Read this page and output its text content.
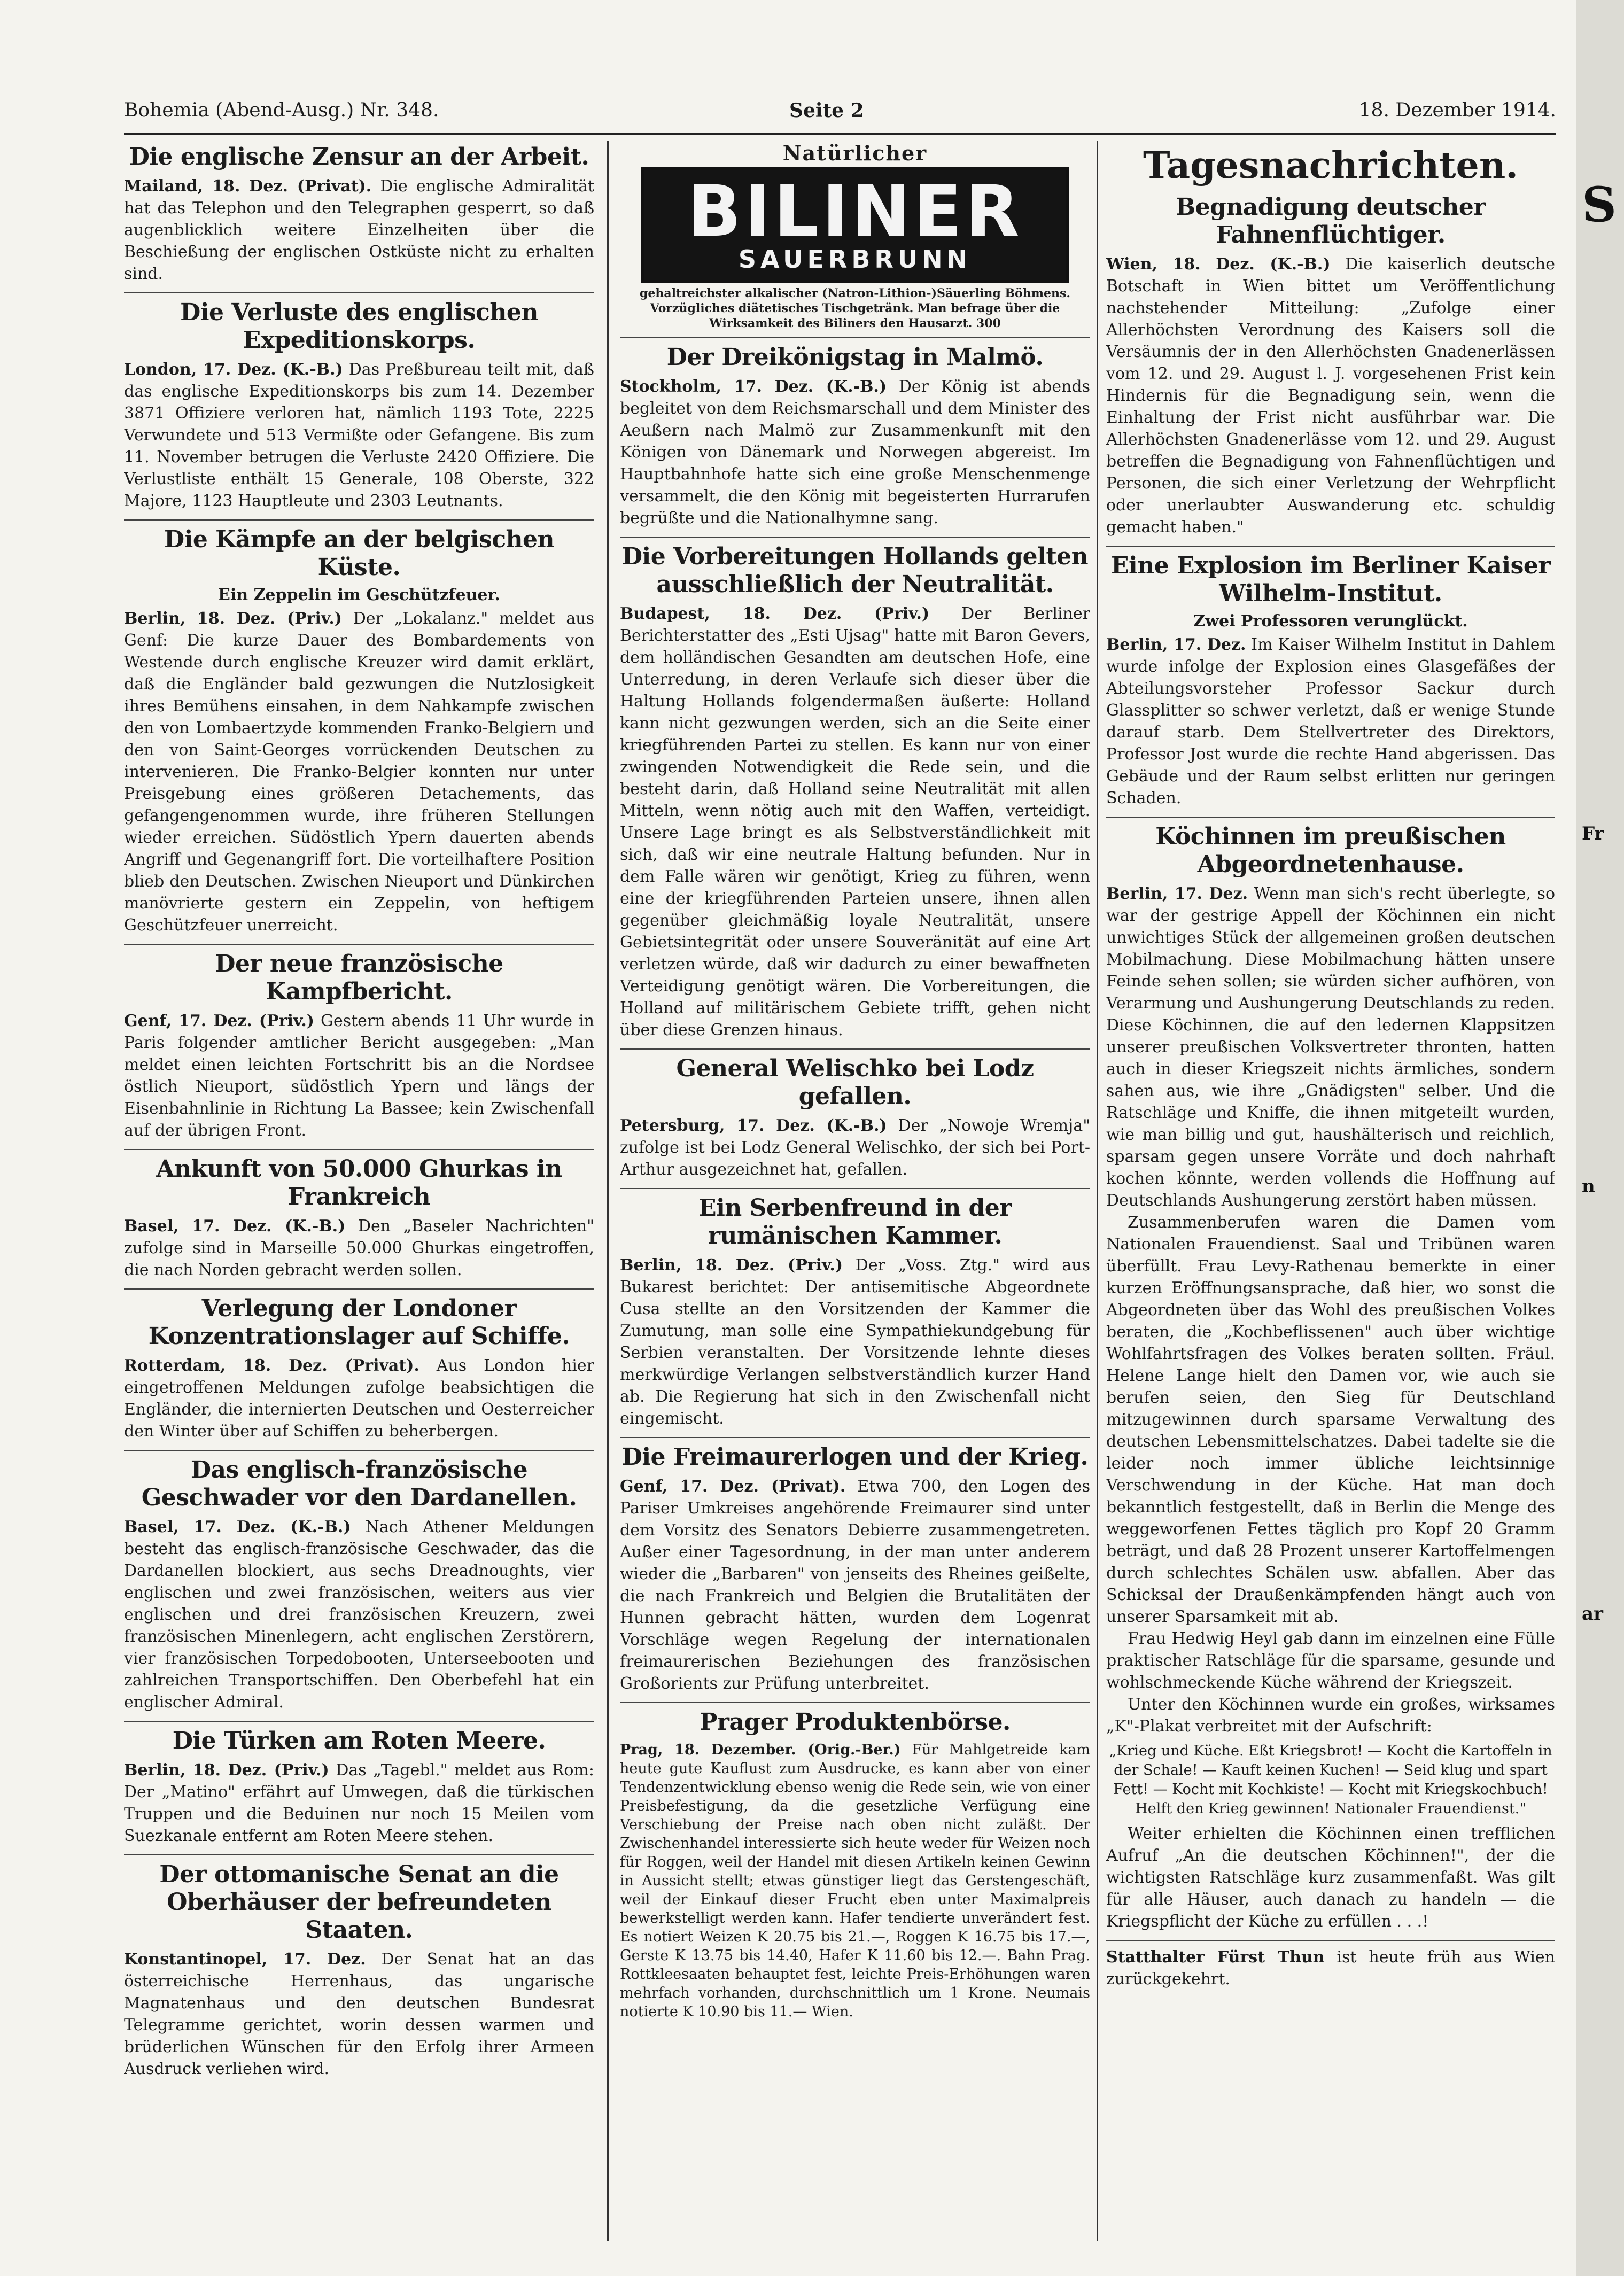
Bohemia (Abend-Ausg.) Nr. 348.	Seite 2	18. Dezember 1914.
Die englische Zensur an der Arbeit.

Mailand, 18. Dez. (Privat). Die englische Admiralität hat das Telephon und den Telegraphen gesperrt, so daß augenblicklich weitere Einzelheiten über die Beschießung der englischen Ostküste nicht zu erhalten sind.

Die Verluste des englischen Expeditionskorps.

London, 17. Dez. (K.-B.) Das Preßbureau teilt mit, daß das englische Expeditionskorps bis zum 14. Dezember 3871 Offiziere verloren hat, nämlich 1193 Tote, 2225 Verwundete und 513 Vermißte oder Gefangene. Bis zum 11. November betrugen die Verluste 2420 Offiziere. Die Verlustliste enthält 15 Generale, 108 Oberste, 322 Majore, 1123 Hauptleute und 2303 Leutnants.

Die Kämpfe an der belgischen Küste.
Ein Zeppelin im Geschützfeuer.

Berlin, 18. Dez. (Priv.) Der „Lokalanz." meldet aus Genf: Die kurze Dauer des Bombardements von Westende durch englische Kreuzer wird damit erklärt, daß die Engländer bald gezwungen die Nutzlosigkeit ihres Bemühens einsahen, in dem Nahkampfe zwischen den von Lombaertzyde kommenden Franko-Belgiern und den von Saint-Georges vorrückenden Deutschen zu intervenieren. Die Franko-Belgier konnten nur unter Preisgebung eines größeren Detachements, das gefangengenommen wurde, ihre früheren Stellungen wieder erreichen. Südöstlich Ypern dauerten abends Angriff und Gegenangriff fort. Die vorteilhaftere Position blieb den Deutschen. Zwischen Nieuport und Dünkirchen manövrierte gestern ein Zeppelin, von heftigem Geschützfeuer unerreicht.

Der neue französische Kampfbericht.

Genf, 17. Dez. (Priv.) Gestern abends 11 Uhr wurde in Paris folgender amtlicher Bericht ausgegeben: „Man meldet einen leichten Fortschritt bis an die Nordsee östlich Nieuport, südöstlich Ypern und längs der Eisenbahnlinie in Richtung La Bassee; kein Zwischenfall auf der übrigen Front.

Ankunft von 50.000 Ghurkas in Frankreich

Basel, 17. Dez. (K.-B.) Den „Baseler Nachrichten" zufolge sind in Marseille 50.000 Ghurkas eingetroffen, die nach Norden gebracht werden sollen.

Verlegung der Londoner Konzentrationslager auf Schiffe.

Rotterdam, 18. Dez. (Privat). Aus London hier eingetroffenen Meldungen zufolge beabsichtigen die Engländer, die internierten Deutschen und Oesterreicher den Winter über auf Schiffen zu beherbergen.

Das englisch-französische Geschwader vor den Dardanellen.

Basel, 17. Dez. (K.-B.) Nach Athener Meldungen besteht das englisch-französische Geschwader, das die Dardanellen blockiert, aus sechs Dreadnoughts, vier englischen und zwei französischen, weiters aus vier englischen und drei französischen Kreuzern, zwei französischen Minenlegern, acht englischen Zerstörern, vier französischen Torpedobooten, Unterseebooten und zahlreichen Transportschiffen. Den Oberbefehl hat ein englischer Admiral.

Die Türken am Roten Meere.

Berlin, 18. Dez. (Priv.) Das „Tagebl." meldet aus Rom: Der „Matino" erfährt auf Umwegen, daß die türkischen Truppen und die Beduinen nur noch 15 Meilen vom Suezkanale entfernt am Roten Meere stehen.

Der ottomanische Senat an die Oberhäuser der befreundeten Staaten.

Konstantinopel, 17. Dez. Der Senat hat an das österreichische Herrenhaus, das ungarische Magnatenhaus und den deutschen Bundesrat Telegramme gerichtet, worin dessen warmen und brüderlichen Wünschen für den Erfolg ihrer Armeen Ausdruck verliehen wird.

Natürlicher
BILINER
SAUERBRUNN
gehaltreichster alkalischer (Natron-Lithion-)Säuerling Böhmens. Vorzügliches diätetisches Tischgetränk. Man befrage über die Wirksamkeit des Biliners den Hausarzt. 300
Der Dreikönigstag in Malmö.

Stockholm, 17. Dez. (K.-B.) Der König ist abends begleitet von dem Reichsmarschall und dem Minister des Aeußern nach Malmö zur Zusammenkunft mit den Königen von Dänemark und Norwegen abgereist. Im Hauptbahnhofe hatte sich eine große Menschenmenge versammelt, die den König mit begeisterten Hurrarufen begrüßte und die Nationalhymne sang.

Die Vorbereitungen Hollands gelten ausschließlich der Neutralität.

Budapest, 18. Dez. (Priv.) Der Berliner Berichterstatter des „Esti Ujsag" hatte mit Baron Gevers, dem holländischen Gesandten am deutschen Hofe, eine Unterredung, in deren Verlaufe sich dieser über die Haltung Hollands folgendermaßen äußerte: Holland kann nicht gezwungen werden, sich an die Seite einer kriegführenden Partei zu stellen. Es kann nur von einer zwingenden Notwendigkeit die Rede sein, und die besteht darin, daß Holland seine Neutralität mit allen Mitteln, wenn nötig auch mit den Waffen, verteidigt. Unsere Lage bringt es als Selbstverständlichkeit mit sich, daß wir eine neutrale Haltung befunden. Nur in dem Falle wären wir genötigt, Krieg zu führen, wenn eine der kriegführenden Parteien unsere, ihnen allen gegenüber gleichmäßig loyale Neutralität, unsere Gebietsintegrität oder unsere Souveränität auf eine Art verletzen würde, daß wir dadurch zu einer bewaffneten Verteidigung genötigt wären. Die Vorbereitungen, die Holland auf militärischem Gebiete trifft, gehen nicht über diese Grenzen hinaus.

General Welischko bei Lodz gefallen.

Petersburg, 17. Dez. (K.-B.) Der „Nowoje Wremja" zufolge ist bei Lodz General Welischko, der sich bei Port-Arthur ausgezeichnet hat, gefallen.

Ein Serbenfreund in der rumänischen Kammer.

Berlin, 18. Dez. (Priv.) Der „Voss. Ztg." wird aus Bukarest berichtet: Der antisemitische Abgeordnete Cusa stellte an den Vorsitzenden der Kammer die Zumutung, man solle eine Sympathiekundgebung für Serbien veranstalten. Der Vorsitzende lehnte dieses merkwürdige Verlangen selbstverständlich kurzer Hand ab. Die Regierung hat sich in den Zwischenfall nicht eingemischt.

Die Freimaurerlogen und der Krieg.

Genf, 17. Dez. (Privat). Etwa 700, den Logen des Pariser Umkreises angehörende Freimaurer sind unter dem Vorsitz des Senators Debierre zusammengetreten. Außer einer Tagesordnung, in der man unter anderem wieder die „Barbaren" von jenseits des Rheines geißelte, die nach Frankreich und Belgien die Brutalitäten der Hunnen gebracht hätten, wurden dem Logenrat Vorschläge wegen Regelung der internationalen freimaurerischen Beziehungen des französischen Großorients zur Prüfung unterbreitet.

Prager Produktenbörse.

Prag, 18. Dezember. (Orig.-Ber.) Für Mahlgetreide kam heute gute Kauflust zum Ausdrucke, es kann aber von einer Tendenzentwicklung ebenso wenig die Rede sein, wie von einer Preisbefestigung, da die gesetzliche Verfügung eine Verschiebung der Preise nach oben nicht zuläßt. Der Zwischenhandel interessierte sich heute weder für Weizen noch für Roggen, weil der Handel mit diesen Artikeln keinen Gewinn in Aussicht stellt; etwas günstiger liegt das Gerstengeschäft, weil der Einkauf dieser Frucht eben unter Maximalpreis bewerkstelligt werden kann. Hafer tendierte unverändert fest. Es notiert Weizen K 20.75 bis 21.—, Roggen K 16.75 bis 17.—, Gerste K 13.75 bis 14.40, Hafer K 11.60 bis 12.—. Bahn Prag. Rottkleesaaten behauptet fest, leichte Preis-Erhöhungen waren mehrfach vorhanden, durchschnittlich um 1 Krone. Neumais notierte K 10.90 bis 11.— Wien.

Tagesnachrichten.
Begnadigung deutscher Fahnenflüchtiger.

Wien, 18. Dez. (K.-B.) Die kaiserlich deutsche Botschaft in Wien bittet um Veröffentlichung nachstehender Mitteilung: „Zufolge einer Allerhöchsten Verordnung des Kaisers soll die Versäumnis der in den Allerhöchsten Gnadenerlässen vom 12. und 29. August l. J. vorgesehenen Frist kein Hindernis für die Begnadigung sein, wenn die Einhaltung der Frist nicht ausführbar war. Die Allerhöchsten Gnadenerlässe vom 12. und 29. August betreffen die Begnadigung von Fahnenflüchtigen und Personen, die sich einer Verletzung der Wehrpflicht oder unerlaubter Auswanderung etc. schuldig gemacht haben."

Eine Explosion im Berliner Kaiser Wilhelm-Institut.
Zwei Professoren verunglückt.

Berlin, 17. Dez. Im Kaiser Wilhelm Institut in Dahlem wurde infolge der Explosion eines Glasgefäßes der Abteilungsvorsteher Professor Sackur durch Glassplitter so schwer verletzt, daß er wenige Stunde darauf starb. Dem Stellvertreter des Direktors, Professor Jost wurde die rechte Hand abgerissen. Das Gebäude und der Raum selbst erlitten nur geringen Schaden.

Köchinnen im preußischen Abgeordnetenhause.

Berlin, 17. Dez. Wenn man sich's recht überlegte, so war der gestrige Appell der Köchinnen ein nicht unwichtiges Stück der allgemeinen großen deutschen Mobilmachung. Diese Mobilmachung hätten unsere Feinde sehen sollen; sie würden sicher aufhören, von Verarmung und Aushungerung Deutschlands zu reden. Diese Köchinnen, die auf den ledernen Klappsitzen unserer preußischen Volksvertreter thronten, hatten auch in dieser Kriegszeit nichts ärmliches, sondern sahen aus, wie ihre „Gnädigsten" selber. Und die Ratschläge und Kniffe, die ihnen mitgeteilt wurden, wie man billig und gut, haushälterisch und reichlich, sparsam gegen unsere Vorräte und doch nahrhaft kochen könnte, werden vollends die Hoffnung auf Deutschlands Aushungerung zerstört haben müssen.

Zusammenberufen waren die Damen vom Nationalen Frauendienst. Saal und Tribünen waren überfüllt. Frau Levy-Rathenau bemerkte in einer kurzen Eröffnungsansprache, daß hier, wo sonst die Abgeordneten über das Wohl des preußischen Volkes beraten, die „Kochbeflissenen" auch über wichtige Wohlfahrtsfragen des Volkes beraten sollten. Fräul. Helene Lange hielt den Damen vor, wie auch sie berufen seien, den Sieg für Deutschland mitzugewinnen durch sparsame Verwaltung des deutschen Lebensmittelschatzes. Dabei tadelte sie die leider noch immer übliche leichtsinnige Verschwendung in der Küche. Hat man doch bekanntlich festgestellt, daß in Berlin die Menge des weggeworfenen Fettes täglich pro Kopf 20 Gramm beträgt, und daß 28 Prozent unserer Kartoffelmengen durch schlechtes Schälen usw. abfallen. Aber das Schicksal der Draußenkämpfenden hängt auch von unserer Sparsamkeit mit ab.

Frau Hedwig Heyl gab dann im einzelnen eine Fülle praktischer Ratschläge für die sparsame, gesunde und wohlschmeckende Küche während der Kriegszeit.

Unter den Köchinnen wurde ein großes, wirksames „K"-Plakat verbreitet mit der Aufschrift:

„Krieg und Küche. Eßt Kriegsbrot! — Kocht die Kartoffeln in der Schale! — Kauft keinen Kuchen! — Seid klug und spart Fett! — Kocht mit Kochkiste! — Kocht mit Kriegskochbuch! Helft den Krieg gewinnen! Nationaler Frauendienst."

Weiter erhielten die Köchinnen einen trefflichen Aufruf „An die deutschen Köchinnen!", der die wichtigsten Ratschläge kurz zusammenfaßt. Was gilt für alle Häuser, auch danach zu handeln — die Kriegspflicht der Küche zu erfüllen . . .!

Statthalter Fürst Thun ist heute früh aus Wien zurückgekehrt.

S
Fr
n
ar
